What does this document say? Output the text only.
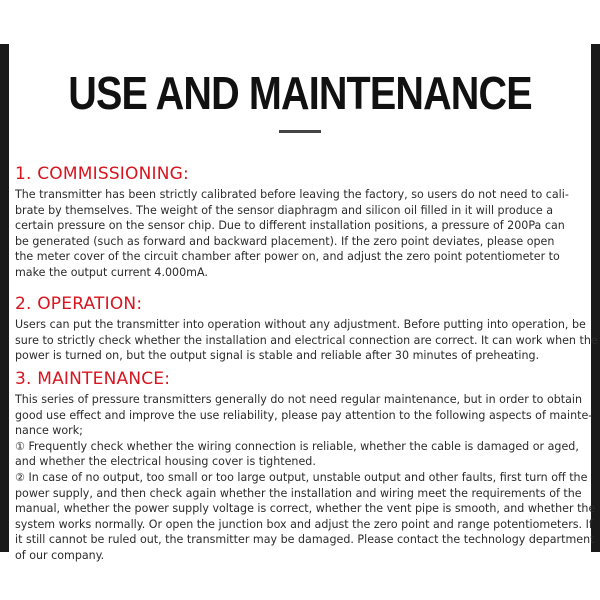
USE AND MAINTENANCE
1. COMMISSIONING:

The transmitter has been strictly calibrated before leaving the factory, so users do not need to cali-
brate by themselves. The weight of the sensor diaphragm and silicon oil filled in it will produce a
certain pressure on the sensor chip. Due to different installation positions, a pressure of 200Pa can
be generated (such as forward and backward placement). If the zero point deviates, please open
the meter cover of the circuit chamber after power on, and adjust the zero point potentiometer to
make the output current 4.000mA.

2. OPERATION:

Users can put the transmitter into operation without any adjustment. Before putting into operation, be
sure to strictly check whether the installation and electrical connection are correct. It can work when the
power is turned on, but the output signal is stable and reliable after 30 minutes of preheating.

3. MAINTENANCE:

This series of pressure transmitters generally do not need regular maintenance, but in order to obtain
good use effect and improve the use reliability, please pay attention to the following aspects of mainte-
nance work;
① Frequently check whether the wiring connection is reliable, whether the cable is damaged or aged,
and whether the electrical housing cover is tightened.
② In case of no output, too small or too large output, unstable output and other faults, first turn off the
power supply, and then check again whether the installation and wiring meet the requirements of the
manual, whether the power supply voltage is correct, whether the vent pipe is smooth, and whether the
system works normally. Or open the junction box and adjust the zero point and range potentiometers. If
it still cannot be ruled out, the transmitter may be damaged. Please contact the technology department
of our company.
